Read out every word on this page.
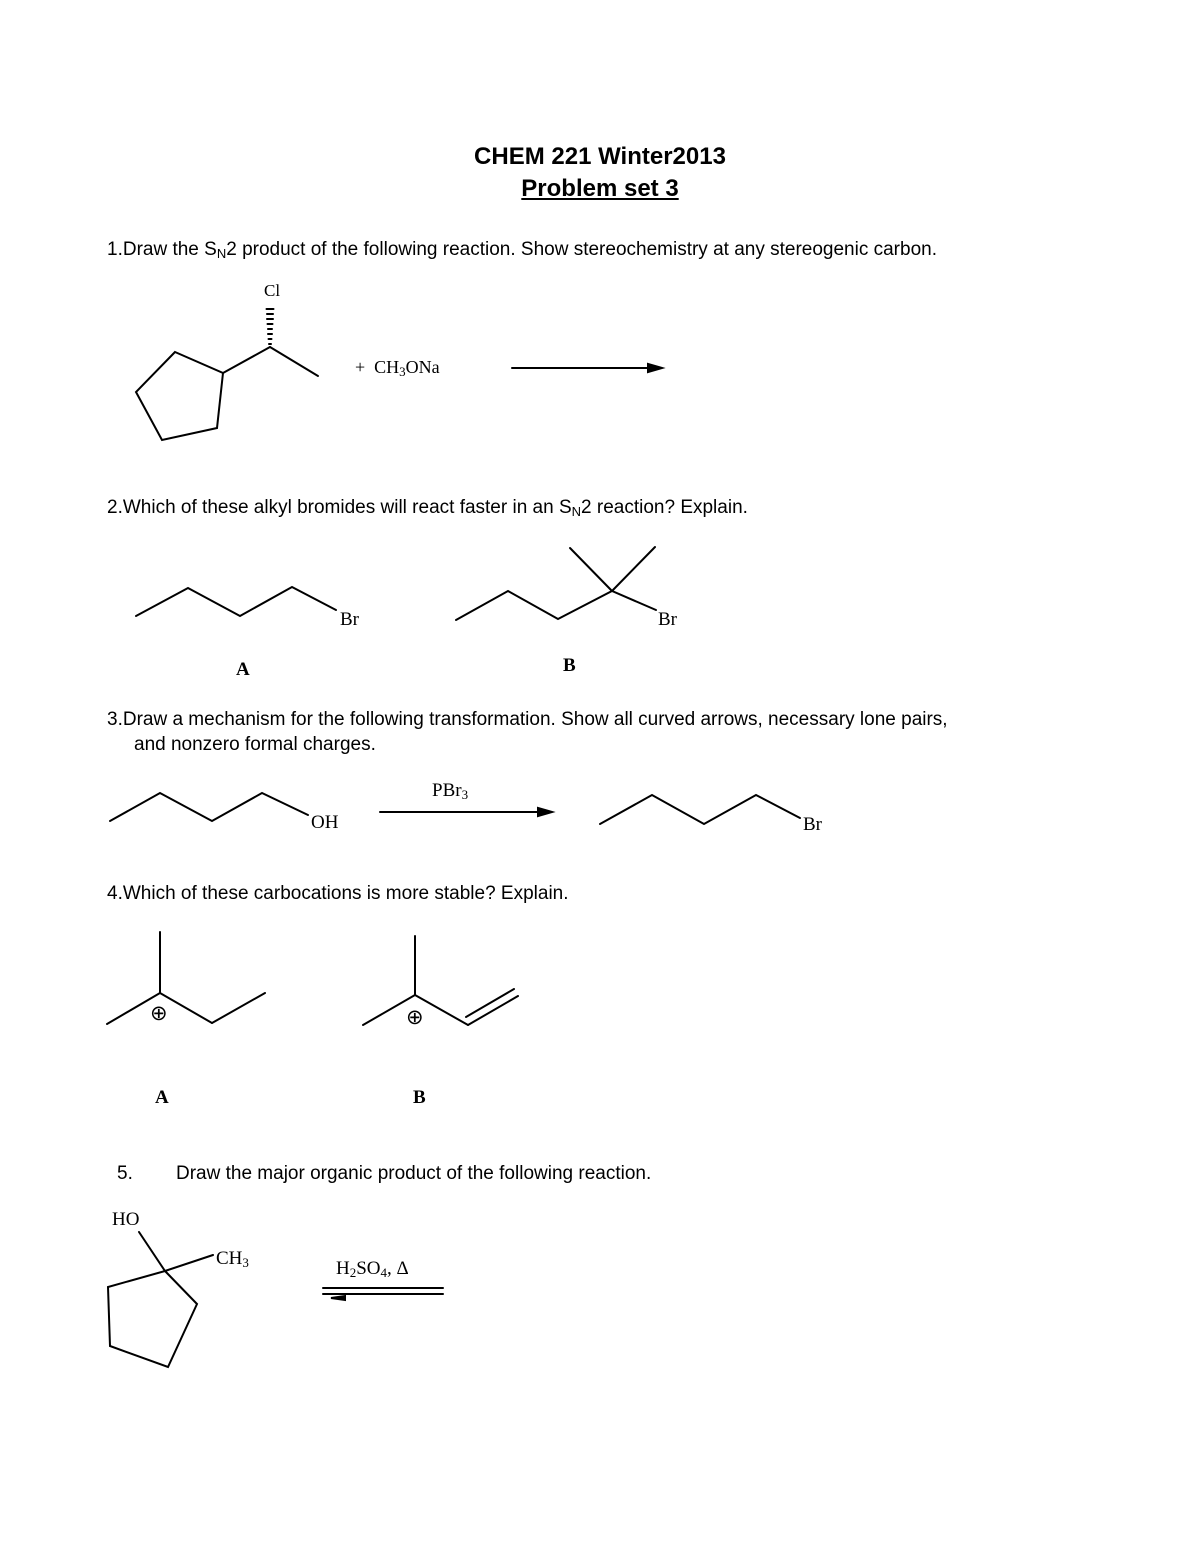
CHEM 221 Winter2013
Problem set 3
1.Draw the $S_N2$ product of the following reaction. Show stereochemistry at any stereogenic carbon.
Cl
+ $CH_3ONa$
2.Which of these alkyl bromides will react faster in an $S_N2$ reaction? Explain.
Br	Br
A	B
3.Draw a mechanism for the following transformation. Show all curved arrows, necessary lone pairs,
and nonzero formal charges.
PBr$_3$
OH	Br
4.Which of these carbocations is more stable? Explain.
⊕	⊕
A	B
5. Draw the major organic product of the following reaction.
HO
$CH_3$	$H_2SO_4$, Δ
